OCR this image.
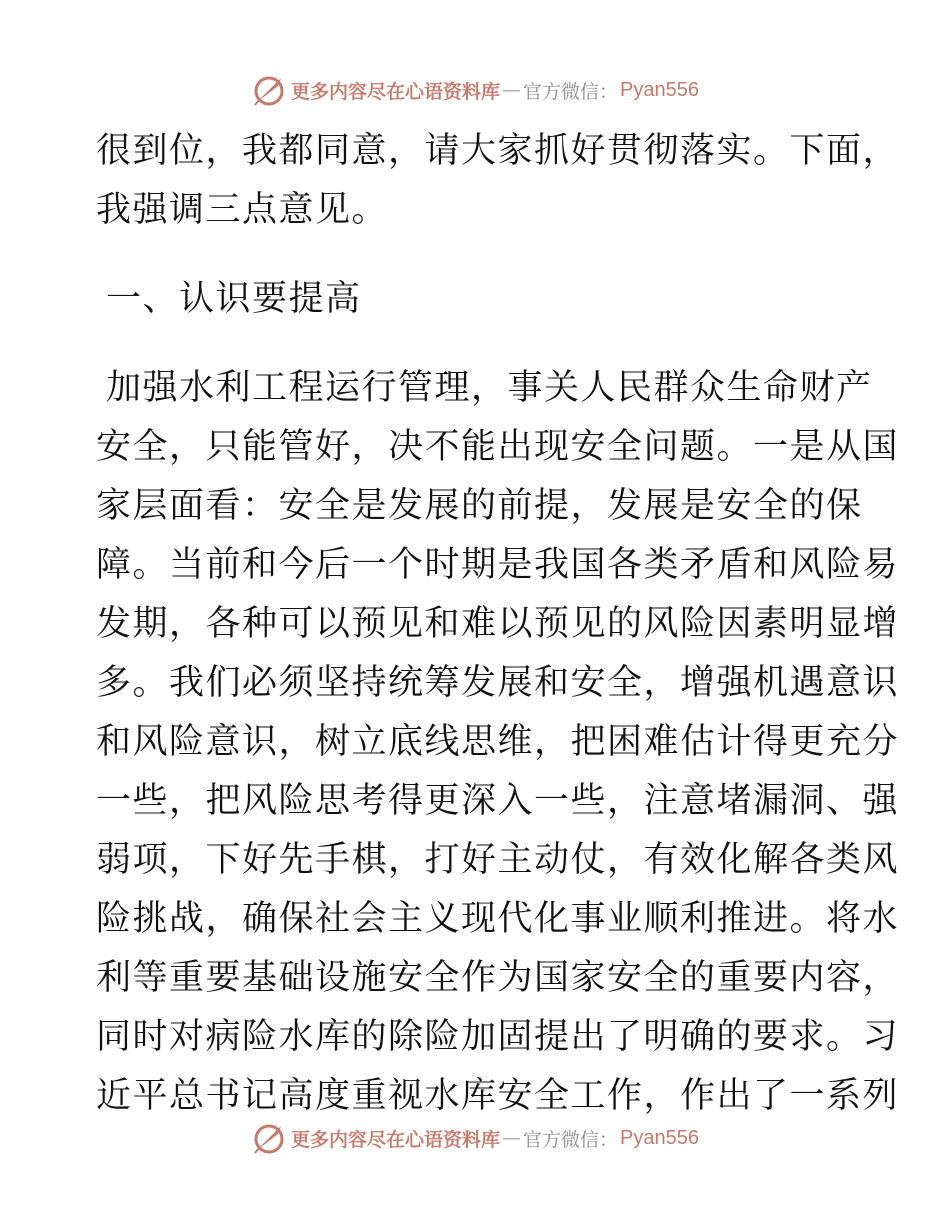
更多内容尽在心语资料库 — 官方微信： Pyan556
很到位，我都同意，请大家抓好贯彻落实。下面，
我强调三点意见。
一、认识要提高
加强水利工程运行管理，事关人民群众生命财产
安全，只能管好，决不能出现安全问题。一是从国
家层面看：安全是发展的前提，发展是安全的保
障。当前和今后一个时期是我国各类矛盾和风险易
发期，各种可以预见和难以预见的风险因素明显增
多。我们必须坚持统筹发展和安全，增强机遇意识
和风险意识，树立底线思维，把困难估计得更充分
一些，把风险思考得更深入一些，注意堵漏洞、强
弱项，下好先手棋，打好主动仗，有效化解各类风
险挑战，确保社会主义现代化事业顺利推进。将水
利等重要基础设施安全作为国家安全的重要内容，
同时对病险水库的除险加固提出了明确的要求。习
近平总书记高度重视水库安全工作，作出了一系列
更多内容尽在心语资料库 — 官方微信： Pyan556
